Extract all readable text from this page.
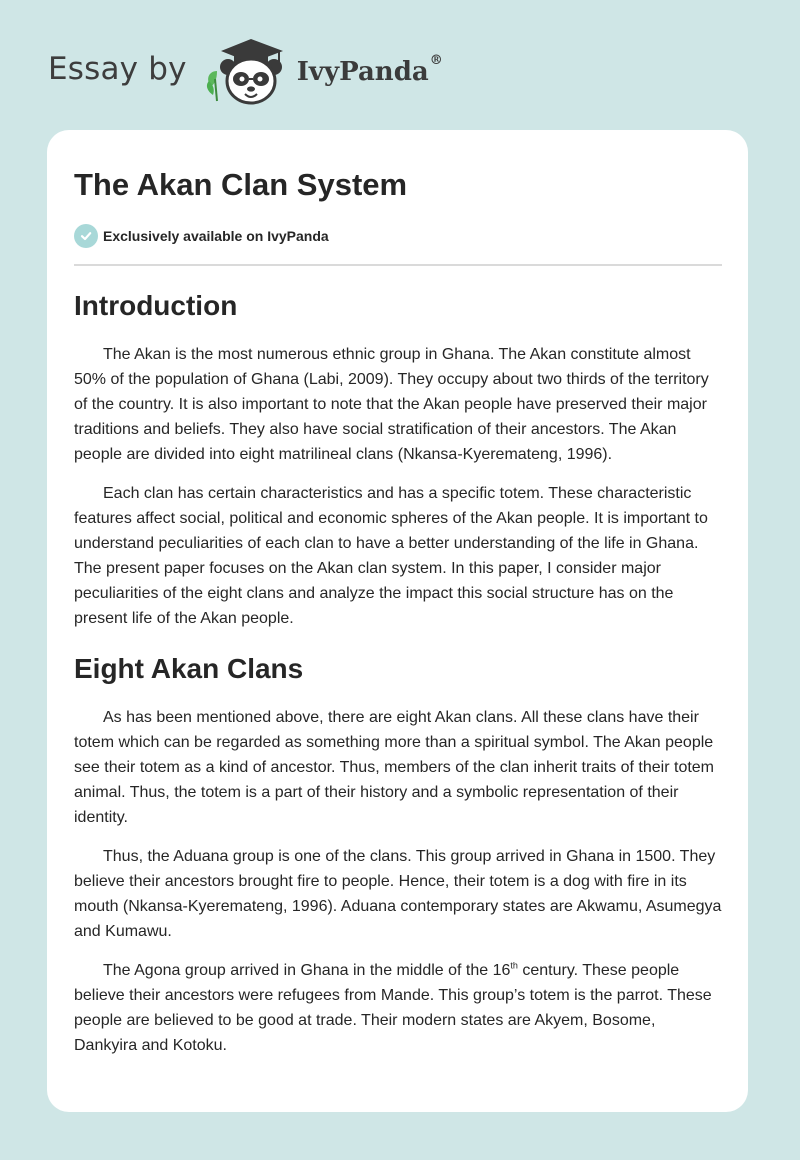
Essay by	IvyPanda®
The Akan Clan System
Exclusively available on IvyPanda
Introduction

The Akan is the most numerous ethnic group in Ghana. The Akan constitute almost 50% of the population of Ghana (Labi, 2009). They occupy about two thirds of the territory of the country. It is also important to note that the Akan people have preserved their major traditions and beliefs. They also have social stratification of their ancestors. The Akan people are divided into eight matrilineal clans (Nkansa-Kyeremateng, 1996).

Each clan has certain characteristics and has a specific totem. These characteristic features affect social, political and economic spheres of the Akan people. It is important to understand peculiarities of each clan to have a better understanding of the life in Ghana. The present paper focuses on the Akan clan system. In this paper, I consider major peculiarities of the eight clans and analyze the impact this social structure has on the present life of the Akan people.

Eight Akan Clans

As has been mentioned above, there are eight Akan clans. All these clans have their totem which can be regarded as something more than a spiritual symbol. The Akan people see their totem as a kind of ancestor. Thus, members of the clan inherit traits of their totem animal. Thus, the totem is a part of their history and a symbolic representation of their identity.

Thus, the Aduana group is one of the clans. This group arrived in Ghana in 1500. They believe their ancestors brought fire to people. Hence, their totem is a dog with fire in its mouth (Nkansa-Kyeremateng, 1996). Aduana contemporary states are Akwamu, Asumegya and Kumawu.

The Agona group arrived in Ghana in the middle of the 16th century. These people believe their ancestors were refugees from Mande. This group’s totem is the parrot. These people are believed to be good at trade. Their modern states are Akyem, Bosome, Dankyira and Kotoku.
